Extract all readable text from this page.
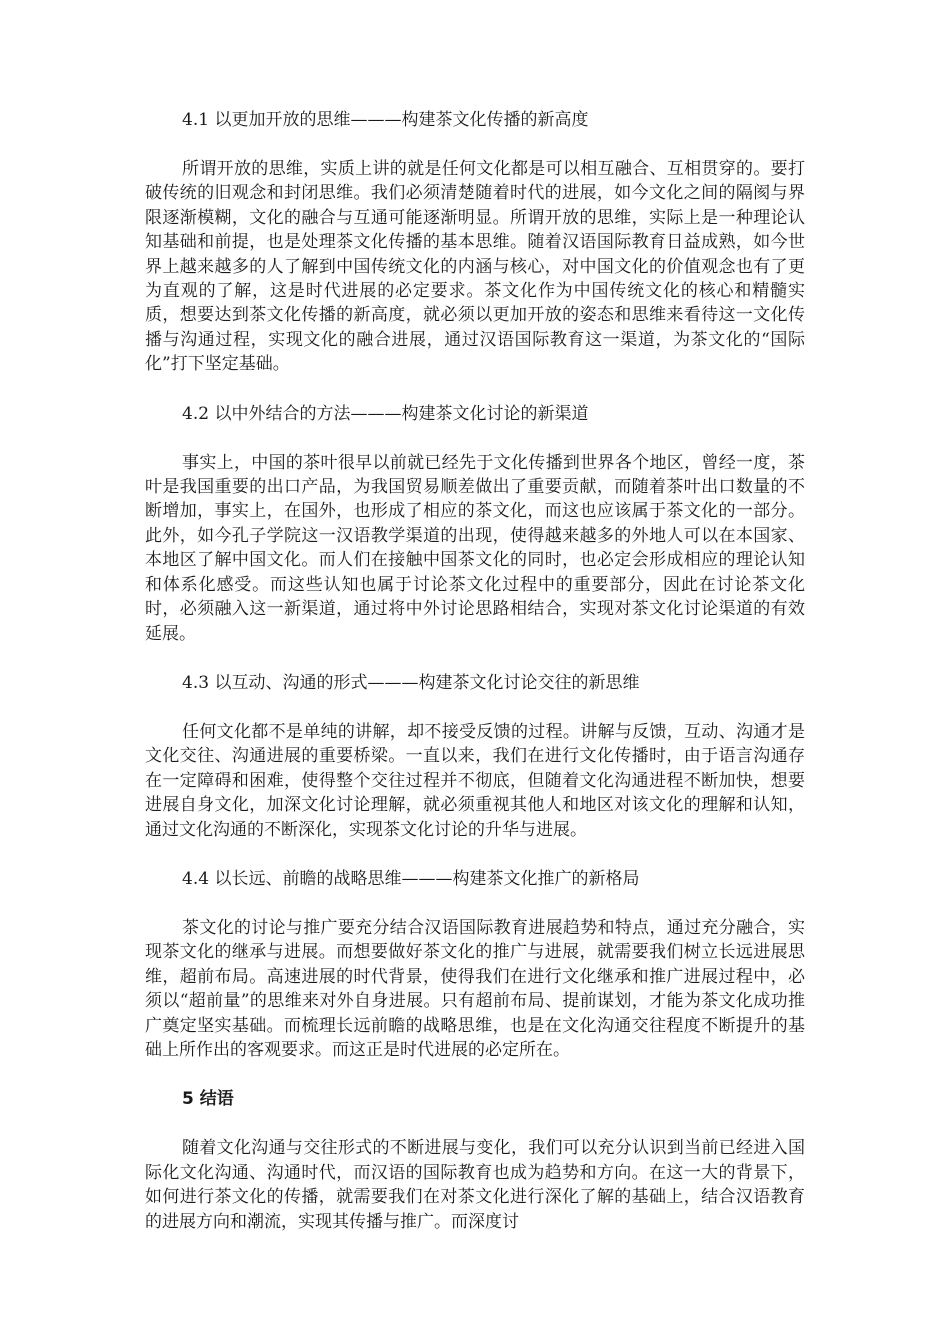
4.1 以更加开放的思维———构建茶文化传播的新高度

所谓开放的思维，实质上讲的就是任何文化都是可以相互融合、互相贯穿的。要打破传统的旧观念和封闭思维。我们必须清楚随着时代的进展，如今文化之间的隔阂与界限逐渐模糊，文化的融合与互通可能逐渐明显。所谓开放的思维，实际上是一种理论认知基础和前提，也是处理茶文化传播的基本思维。随着汉语国际教育日益成熟，如今世界上越来越多的人了解到中国传统文化的内涵与核心，对中国文化的价值观念也有了更为直观的了解，这是时代进展的必定要求。茶文化作为中国传统文化的核心和精髓实质，想要达到茶文化传播的新高度，就必须以更加开放的姿态和思维来看待这一文化传播与沟通过程，实现文化的融合进展，通过汉语国际教育这一渠道，为茶文化的“国际化”打下坚定基础。

4.2 以中外结合的方法———构建茶文化讨论的新渠道

事实上，中国的茶叶很早以前就已经先于文化传播到世界各个地区，曾经一度，茶叶是我国重要的出口产品，为我国贸易顺差做出了重要贡献，而随着茶叶出口数量的不断增加，事实上，在国外，也形成了相应的茶文化，而这也应该属于茶文化的一部分。此外，如今孔子学院这一汉语教学渠道的出现，使得越来越多的外地人可以在本国家、本地区了解中国文化。而人们在接触中国茶文化的同时，也必定会形成相应的理论认知和体系化感受。而这些认知也属于讨论茶文化过程中的重要部分，因此在讨论茶文化时，必须融入这一新渠道，通过将中外讨论思路相结合，实现对茶文化讨论渠道的有效延展。

4.3 以互动、沟通的形式———构建茶文化讨论交往的新思维

任何文化都不是单纯的讲解，却不接受反馈的过程。讲解与反馈，互动、沟通才是文化交往、沟通进展的重要桥梁。一直以来，我们在进行文化传播时，由于语言沟通存在一定障碍和困难，使得整个交往过程并不彻底，但随着文化沟通进程不断加快，想要进展自身文化，加深文化讨论理解，就必须重视其他人和地区对该文化的理解和认知，通过文化沟通的不断深化，实现茶文化讨论的升华与进展。

4.4 以长远、前瞻的战略思维———构建茶文化推广的新格局

茶文化的讨论与推广要充分结合汉语国际教育进展趋势和特点，通过充分融合，实现茶文化的继承与进展。而想要做好茶文化的推广与进展，就需要我们树立长远进展思维，超前布局。高速进展的时代背景，使得我们在进行文化继承和推广进展过程中，必须以“超前量”的思维来对外自身进展。只有超前布局、提前谋划，才能为茶文化成功推广奠定坚实基础。而梳理长远前瞻的战略思维，也是在文化沟通交往程度不断提升的基础上所作出的客观要求。而这正是时代进展的必定所在。

5 结语

随着文化沟通与交往形式的不断进展与变化，我们可以充分认识到当前已经进入国际化文化沟通、沟通时代，而汉语的国际教育也成为趋势和方向。在这一大的背景下，如何进行茶文化的传播，就需要我们在对茶文化进行深化了解的基础上，结合汉语教育的进展方向和潮流，实现其传播与推广。而深度讨
